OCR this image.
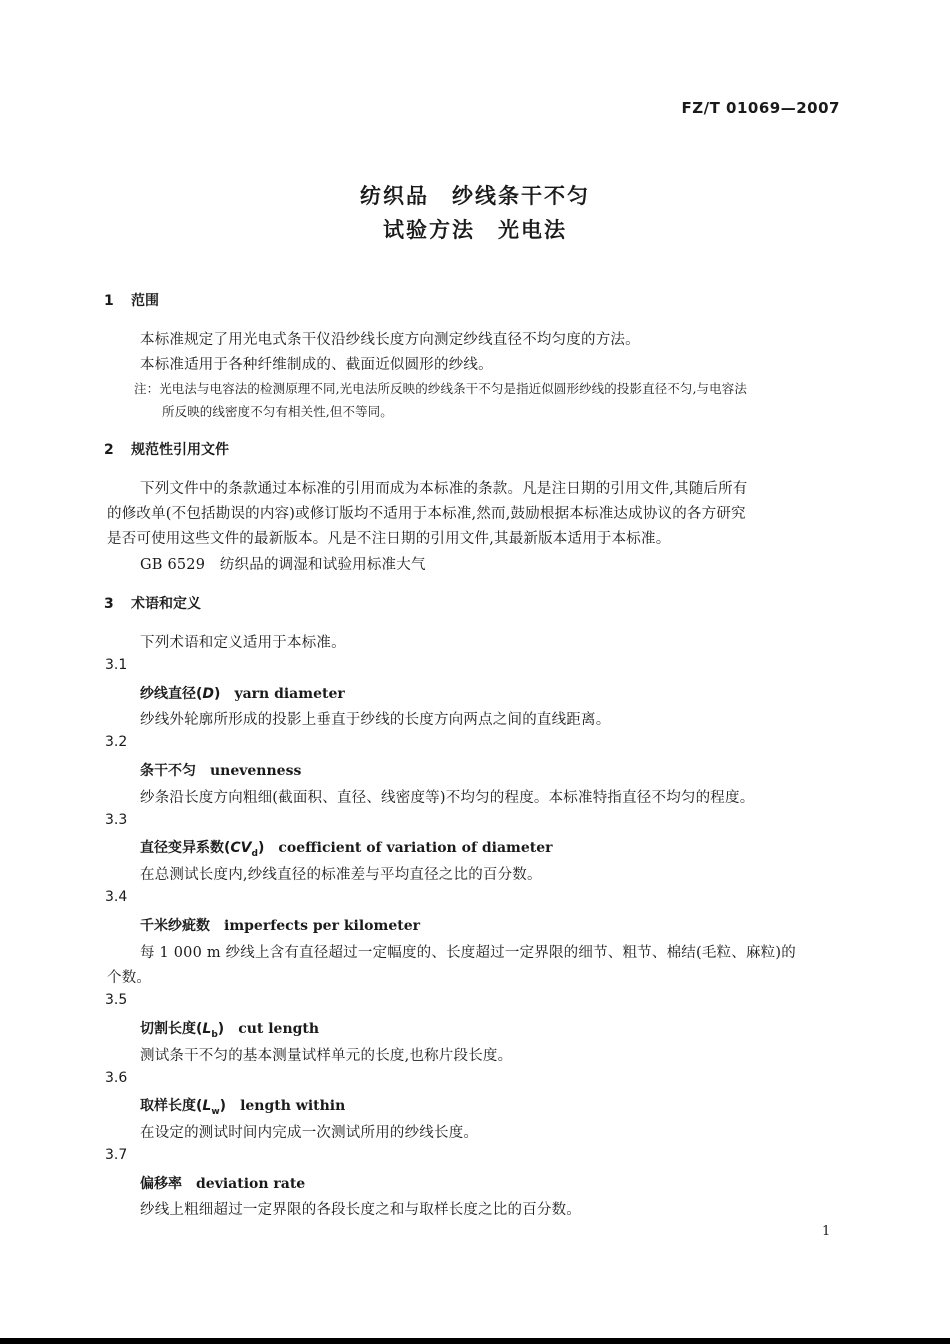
FZ/T 01069—2007
纺织品　纱线条干不匀
试验方法　光电法
1 范围
本标准规定了用光电式条干仪沿纱线长度方向测定纱线直径不均匀度的方法。
本标准适用于各种纤维制成的、截面近似圆形的纱线。
注：光电法与电容法的检测原理不同,光电法所反映的纱线条干不匀是指近似圆形纱线的投影直径不匀,与电容法
所反映的线密度不匀有相关性,但不等同。
2 规范性引用文件
下列文件中的条款通过本标准的引用而成为本标准的条款。凡是注日期的引用文件,其随后所有
的修改单(不包括勘误的内容)或修订版均不适用于本标准,然而,鼓励根据本标准达成协议的各方研究
是否可使用这些文件的最新版本。凡是不注日期的引用文件,其最新版本适用于本标准。
GB 6529　纺织品的调湿和试验用标准大气
3 术语和定义
下列术语和定义适用于本标准。
3.1
纱线直径(D) yarn diameter
纱线外轮廓所形成的投影上垂直于纱线的长度方向两点之间的直线距离。
3.2
条干不匀 unevenness
纱条沿长度方向粗细(截面积、直径、线密度等)不均匀的程度。本标准特指直径不均匀的程度。
3.3
直径变异系数$(CV_d)$ coefficient of variation of diameter
在总测试长度内,纱线直径的标准差与平均直径之比的百分数。
3.4
千米纱疵数 imperfects per kilometer
每 1 000 m 纱线上含有直径超过一定幅度的、长度超过一定界限的细节、粗节、棉结(毛粒、麻粒)的
个数。
3.5
切割长度$(L_b)$ cut length
测试条干不匀的基本测量试样单元的长度,也称片段长度。
3.6
取样长度$(L_w)$ length within
在设定的测试时间内完成一次测试所用的纱线长度。
3.7
偏移率 deviation rate
纱线上粗细超过一定界限的各段长度之和与取样长度之比的百分数。
1
